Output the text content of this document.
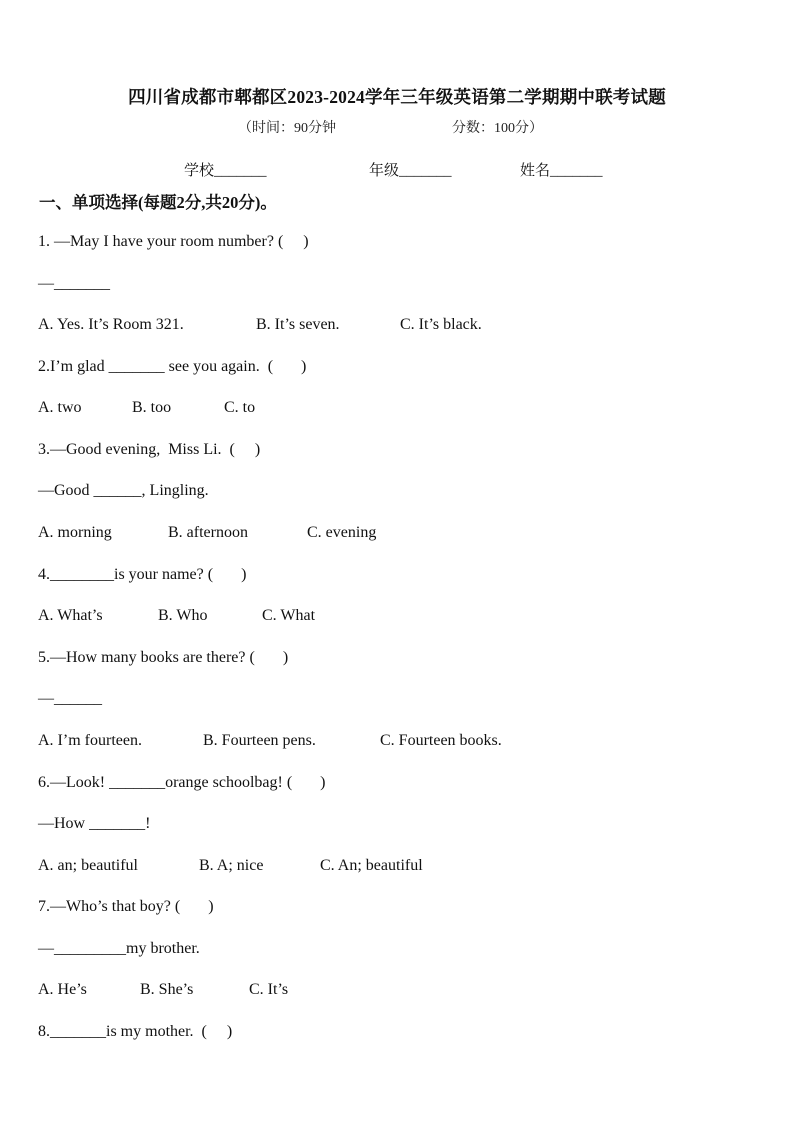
四川省成都市郫都区2023-2024学年三年级英语第二学期期中联考试题
（时间：90分钟	分数：100分）
学校_______	年级_______	姓名_______
一、单项选择(每题2分,共20分)。
1. —May I have your room number? (     )
—_______
A. Yes. It’s Room 321.	B. It’s seven.	C. It’s black.
2.I’m glad _______ see you again.  (       )
A. two	B. too	C. to
3.—Good evening,  Miss Li.  (     )
—Good ______, Lingling.
A. morning	B. afternoon	C. evening
4.________is your name? (       )
A. What’s	B. Who	C. What
5.—How many books are there? (       )
—______
A. I’m fourteen.	B. Fourteen pens.	C. Fourteen books.
6.—Look! _______orange schoolbag! (       )
—How _______!
A. an; beautiful	B. A; nice	C. An; beautiful
7.—Who’s that boy? (       )
—_________my brother.
A. He’s	B. She’s	C. It’s
8._______is my mother.  (     )
